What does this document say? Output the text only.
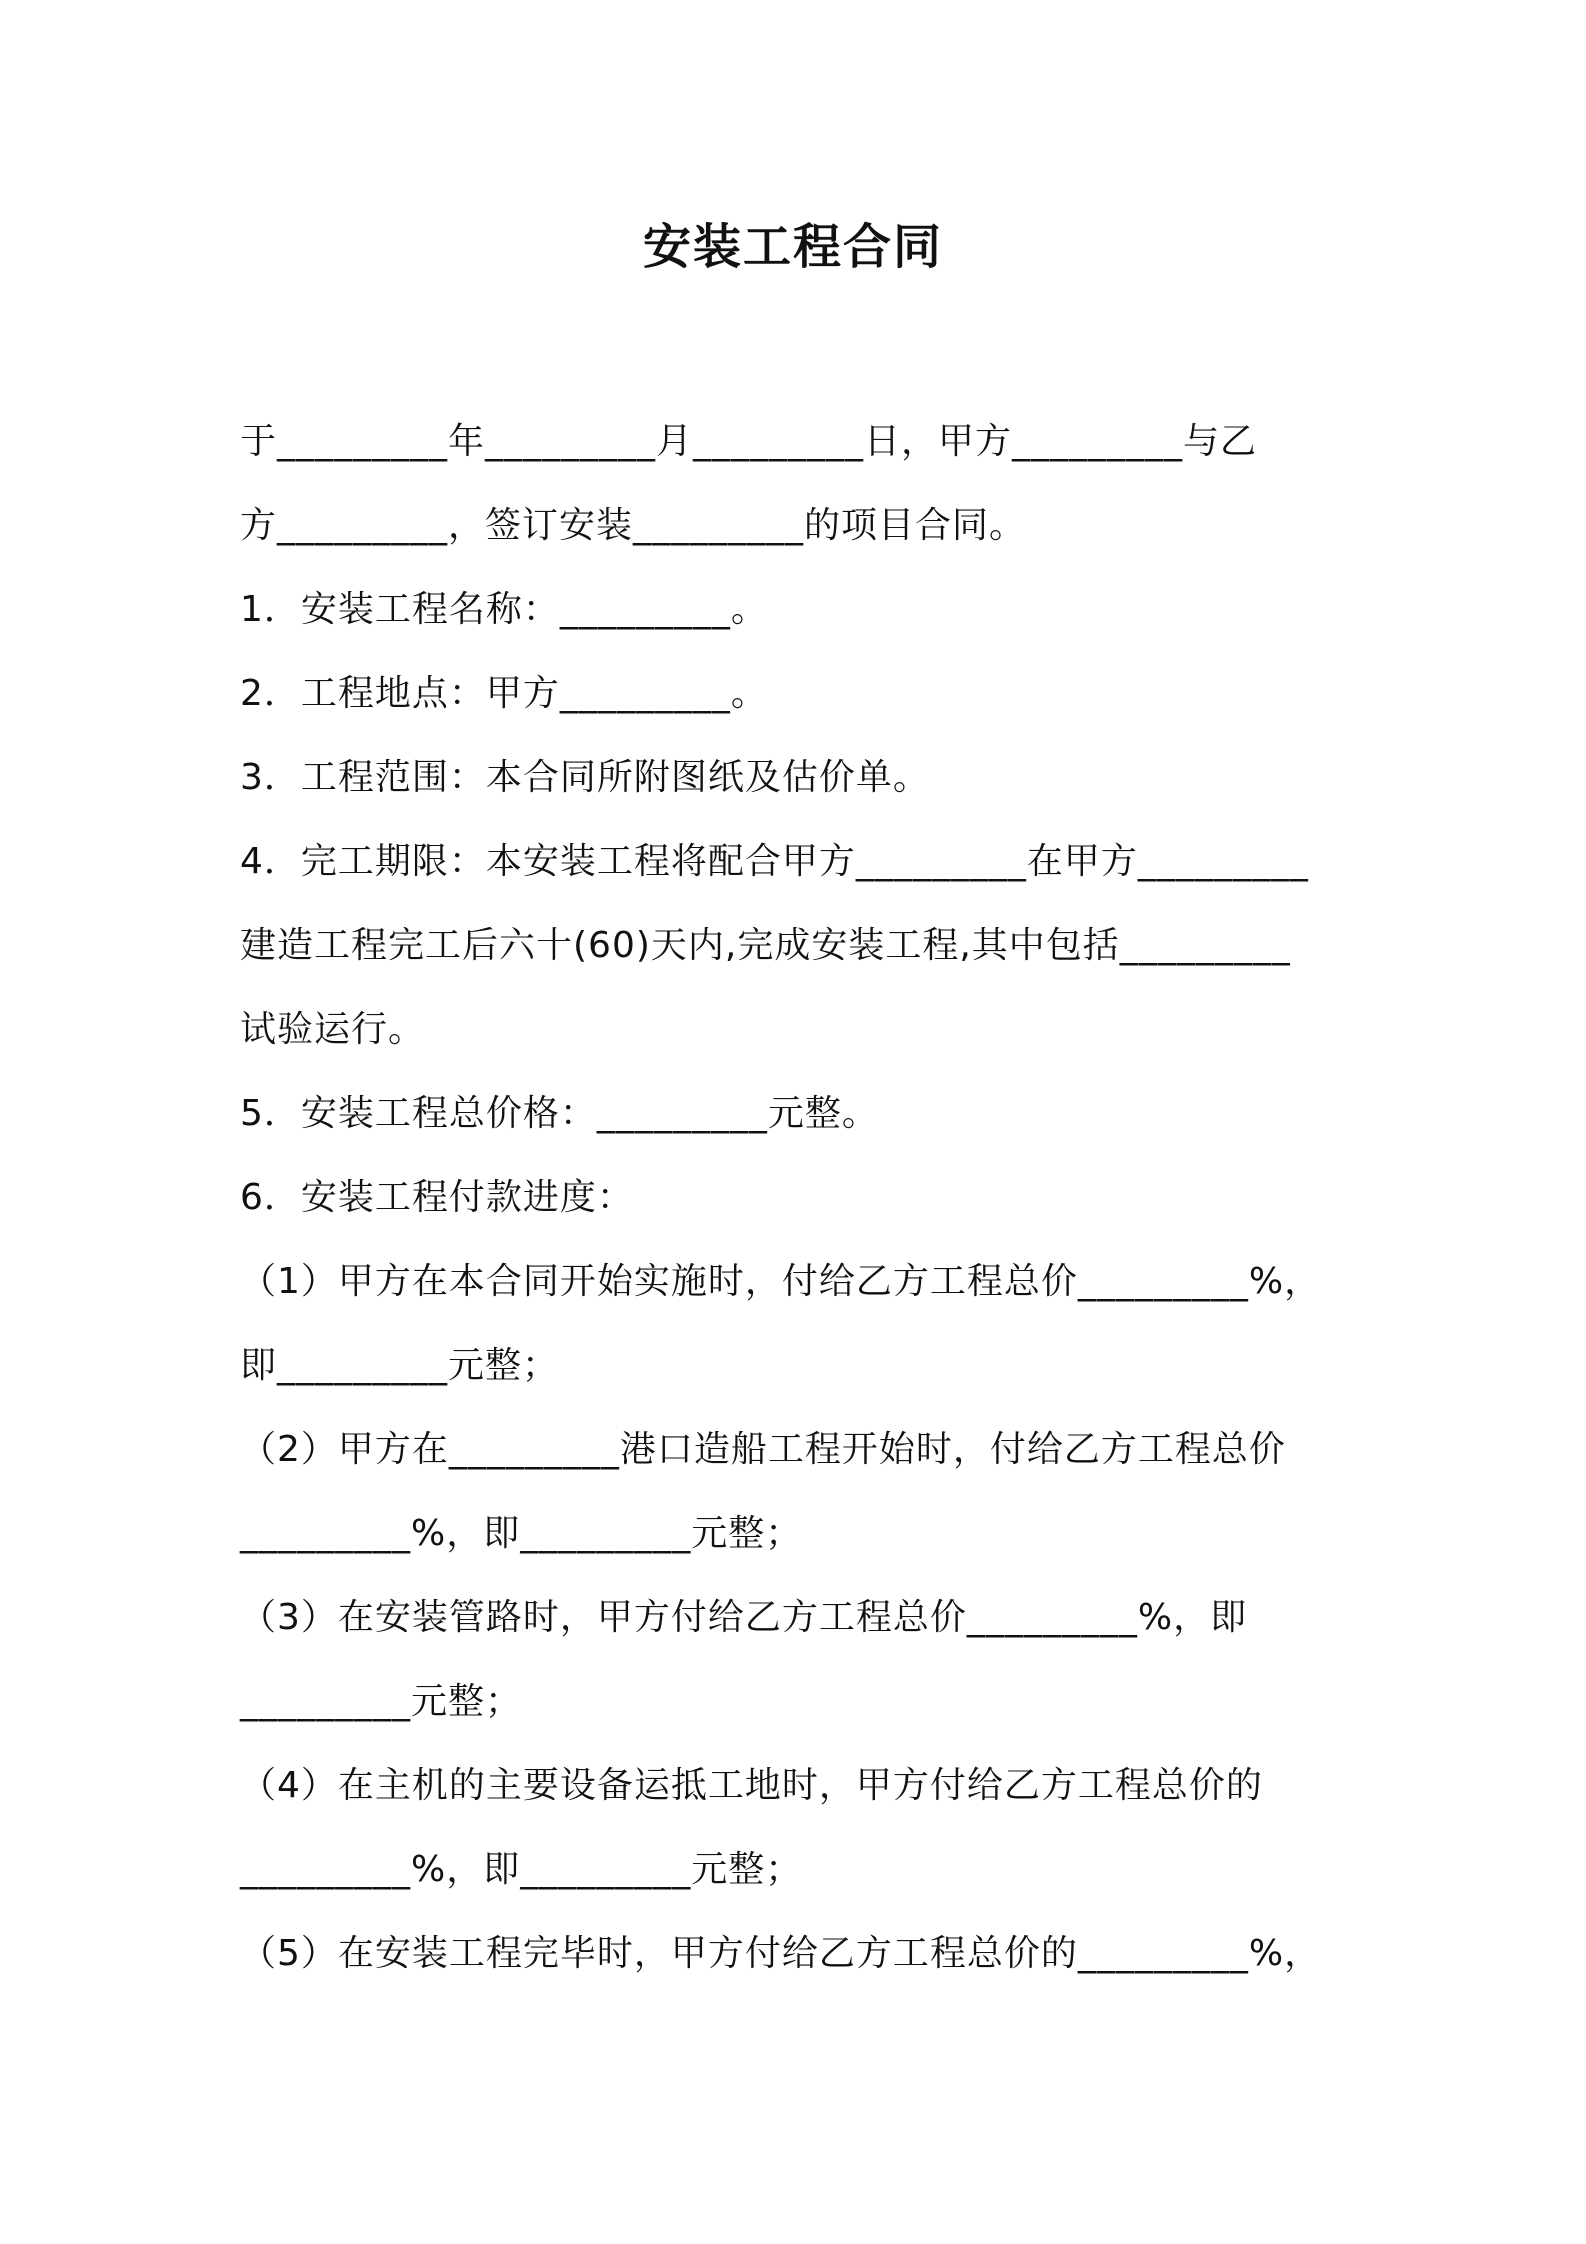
安装工程合同
于_________年_________月_________日，甲方_________与乙
方_________，签订安装_________的项目合同。
1．安装工程名称：_________。
2．工程地点：甲方_________。
3．工程范围：本合同所附图纸及估价单。
4．完工期限：本安装工程将配合甲方_________在甲方_________
建造工程完工后六十(60)天内,完成安装工程,其中包括_________
试验运行。
5．安装工程总价格：_________元整。
6．安装工程付款进度：
（1）甲方在本合同开始实施时，付给乙方工程总价_________%，
即_________元整；
（2）甲方在_________港口造船工程开始时，付给乙方工程总价
_________%，即_________元整；
（3）在安装管路时，甲方付给乙方工程总价_________%，即
_________元整；
（4）在主机的主要设备运抵工地时，甲方付给乙方工程总价的
_________%，即_________元整；
（5）在安装工程完毕时，甲方付给乙方工程总价的_________%，
